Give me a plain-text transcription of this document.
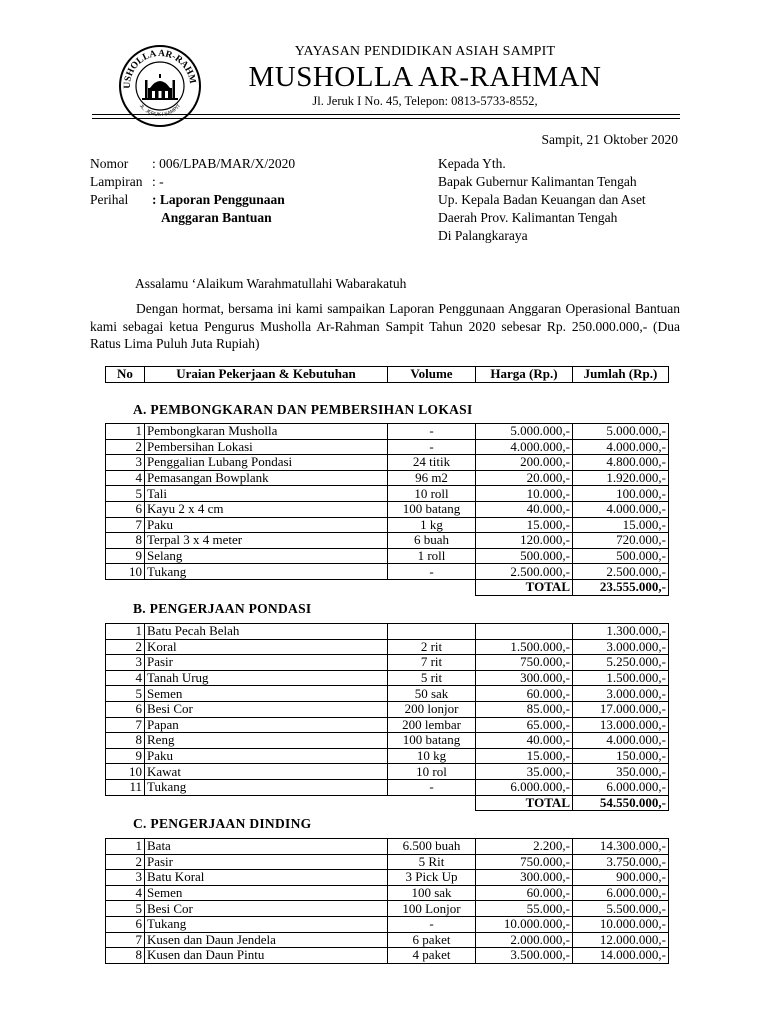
USHOLLA AR-RAHM
JL. JERUK I SAMPIT
YAYASAN PENDIDIKAN ASIAH SAMPIT
MUSHOLLA AR-RAHMAN
Jl. Jeruk I No. 45, Telepon: 0813-5733-8552,
Sampit, 21 Oktober 2020
Nomor : 006/LPAB/MAR/X/2020
Lampiran : -
Perihal : Laporan Penggunaan
Anggaran Bantuan
Kepada Yth.
Bapak Gubernur Kalimantan Tengah
Up. Kepala Badan Keuangan dan Aset
Daerah Prov. Kalimantan Tengah
Di Palangkaraya
Assalamu ‘Alaikum Warahmatullahi Wabarakatuh
Dengan hormat, bersama ini kami sampaikan Laporan Penggunaan Anggaran Operasional Bantuan kami sebagai ketua Pengurus Musholla Ar-Rahman Sampit Tahun 2020 sebesar Rp. 250.000.000,- (Dua Ratus Lima Puluh Juta Rupiah)
No	Uraian Pekerjaan & Kebutuhan	Volume	Harga (Rp.)	Jumlah (Rp.)
A. PEMBONGKARAN DAN PEMBERSIHAN LOKASI
1	Pembongkaran Musholla	-	5.000.000,-	5.000.000,-
2	Pembersihan Lokasi	-	4.000.000,-	4.000.000,-
3	Penggalian Lubang Pondasi	24 titik	200.000,-	4.800.000,-
4	Pemasangan Bowplank	96 m2	20.000,-	1.920.000,-
5	Tali	10 roll	10.000,-	100.000,-
6	Kayu 2 x 4 cm	100 batang	40.000,-	4.000.000,-
7	Paku	1 kg	15.000,-	15.000,-
8	Terpal 3 x 4 meter	6 buah	120.000,-	720.000,-
9	Selang	1 roll	500.000,-	500.000,-
10	Tukang	-	2.500.000,-	2.500.000,-
			TOTAL	23.555.000,-
B. PENGERJAAN PONDASI
1	Batu Pecah Belah			1.300.000,-
2	Koral	2 rit	1.500.000,-	3.000.000,-
3	Pasir	7 rit	750.000,-	5.250.000,-
4	Tanah Urug	5 rit	300.000,-	1.500.000,-
5	Semen	50 sak	60.000,-	3.000.000,-
6	Besi Cor	200 lonjor	85.000,-	17.000.000,-
7	Papan	200 lembar	65.000,-	13.000.000,-
8	Reng	100 batang	40.000,-	4.000.000,-
9	Paku	10 kg	15.000,-	150.000,-
10	Kawat	10 rol	35.000,-	350.000,-
11	Tukang	-	6.000.000,-	6.000.000,-
			TOTAL	54.550.000,-
C. PENGERJAAN DINDING
1	Bata	6.500 buah	2.200,-	14.300.000,-
2	Pasir	5 Rit	750.000,-	3.750.000,-
3	Batu Koral	3 Pick Up	300.000,-	900.000,-
4	Semen	100 sak	60.000,-	6.000.000,-
5	Besi Cor	100 Lonjor	55.000,-	5.500.000,-
6	Tukang	-	10.000.000,-	10.000.000,-
7	Kusen dan Daun Jendela	6 paket	2.000.000,-	12.000.000,-
8	Kusen dan Daun Pintu	4 paket	3.500.000,-	14.000.000,-
